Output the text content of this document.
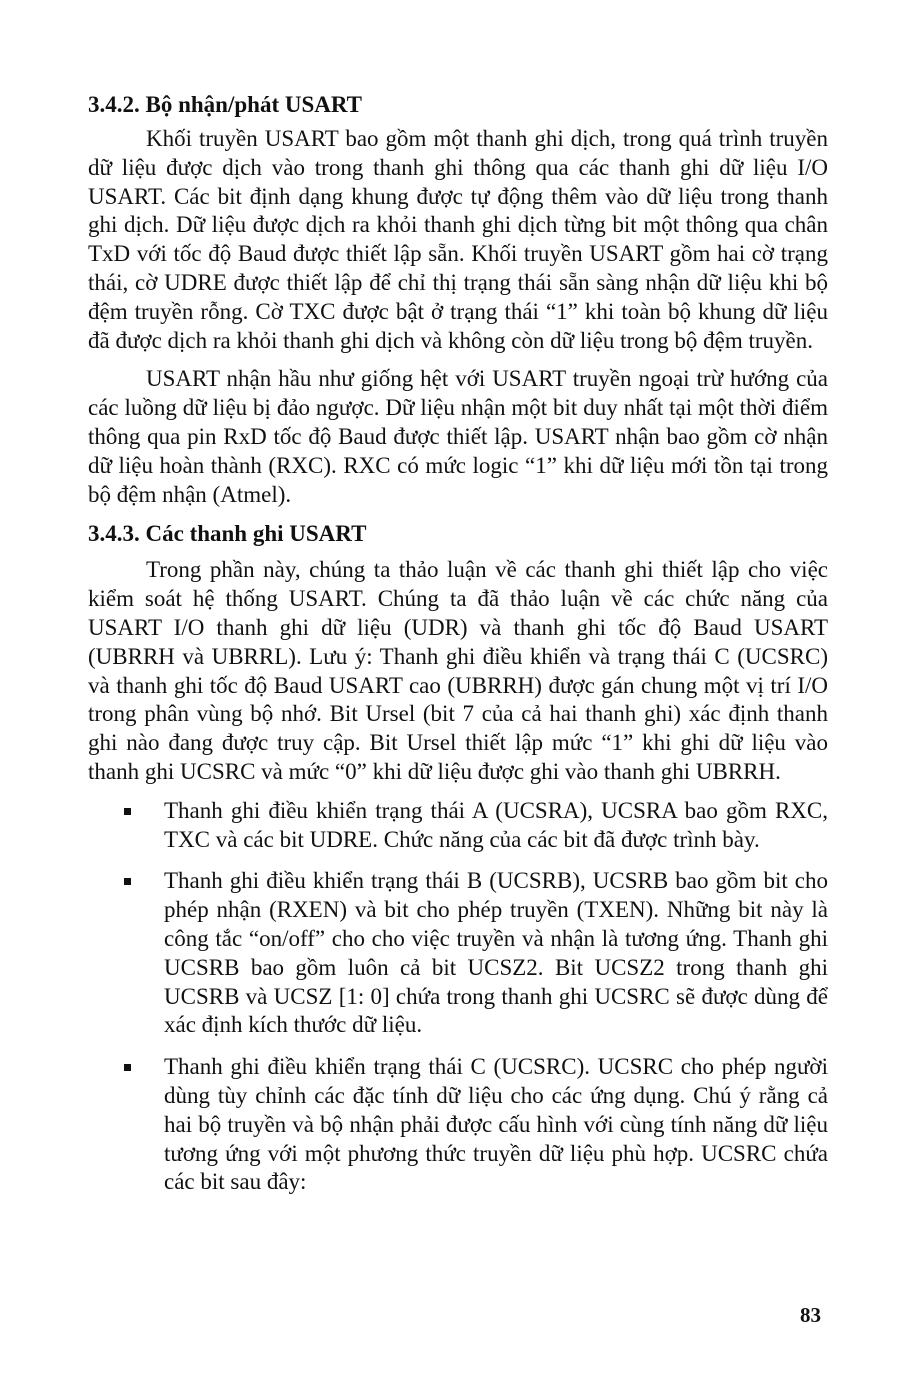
3.4.2. Bộ nhận/phát USART

Khối truyền USART bao gồm một thanh ghi dịch, trong quá trình truyền dữ liệu được dịch vào trong thanh ghi thông qua các thanh ghi dữ liệu I/O USART. Các bit định dạng khung được tự động thêm vào dữ liệu trong thanh ghi dịch. Dữ liệu được dịch ra khỏi thanh ghi dịch từng bit một thông qua chân TxD với tốc độ Baud được thiết lập sẵn. Khối truyền USART gồm hai cờ trạng thái, cờ UDRE được thiết lập để chỉ thị trạng thái sẵn sàng nhận dữ liệu khi bộ đệm truyền rỗng. Cờ TXC được bật ở trạng thái “1” khi toàn bộ khung dữ liệu đã được dịch ra khỏi thanh ghi dịch và không còn dữ liệu trong bộ đệm truyền.

USART nhận hầu như giống hệt với USART truyền ngoại trừ hướng của các luồng dữ liệu bị đảo ngược. Dữ liệu nhận một bit duy nhất tại một thời điểm thông qua pin RxD tốc độ Baud được thiết lập. USART nhận bao gồm cờ nhận dữ liệu hoàn thành (RXC). RXC có mức logic “1” khi dữ liệu mới tồn tại trong bộ đệm nhận (Atmel).

3.4.3. Các thanh ghi USART

Trong phần này, chúng ta thảo luận về các thanh ghi thiết lập cho việc kiểm soát hệ thống USART. Chúng ta đã thảo luận về các chức năng của USART I/O thanh ghi dữ liệu (UDR) và thanh ghi tốc độ Baud USART (UBRRH và UBRRL). Lưu ý: Thanh ghi điều khiển và trạng thái C (UCSRC) và thanh ghi tốc độ Baud USART cao (UBRRH) được gán chung một vị trí I/O trong phân vùng bộ nhớ. Bit Ursel (bit 7 của cả hai thanh ghi) xác định thanh ghi nào đang được truy cập. Bit Ursel thiết lập mức “1” khi ghi dữ liệu vào thanh ghi UCSRC và mức “0” khi dữ liệu được ghi vào thanh ghi UBRRH.

Thanh ghi điều khiển trạng thái A (UCSRA), UCSRA bao gồm RXC, TXC và các bit UDRE. Chức năng của các bit đã được trình bày.
Thanh ghi điều khiển trạng thái B (UCSRB), UCSRB bao gồm bit cho phép nhận (RXEN) và bit cho phép truyền (TXEN). Những bit này là công tắc “on/off” cho cho việc truyền và nhận là tương ứng. Thanh ghi UCSRB bao gồm luôn cả bit UCSZ2. Bit UCSZ2 trong thanh ghi UCSRB và UCSZ [1: 0] chứa trong thanh ghi UCSRC sẽ được dùng để xác định kích thước dữ liệu.
Thanh ghi điều khiển trạng thái C (UCSRC). UCSRC cho phép người dùng tùy chỉnh các đặc tính dữ liệu cho các ứng dụng. Chú ý rằng cả hai bộ truyền và bộ nhận phải được cấu hình với cùng tính năng dữ liệu tương ứng với một phương thức truyền dữ liệu phù hợp. UCSRC chứa các bit sau đây:
83
